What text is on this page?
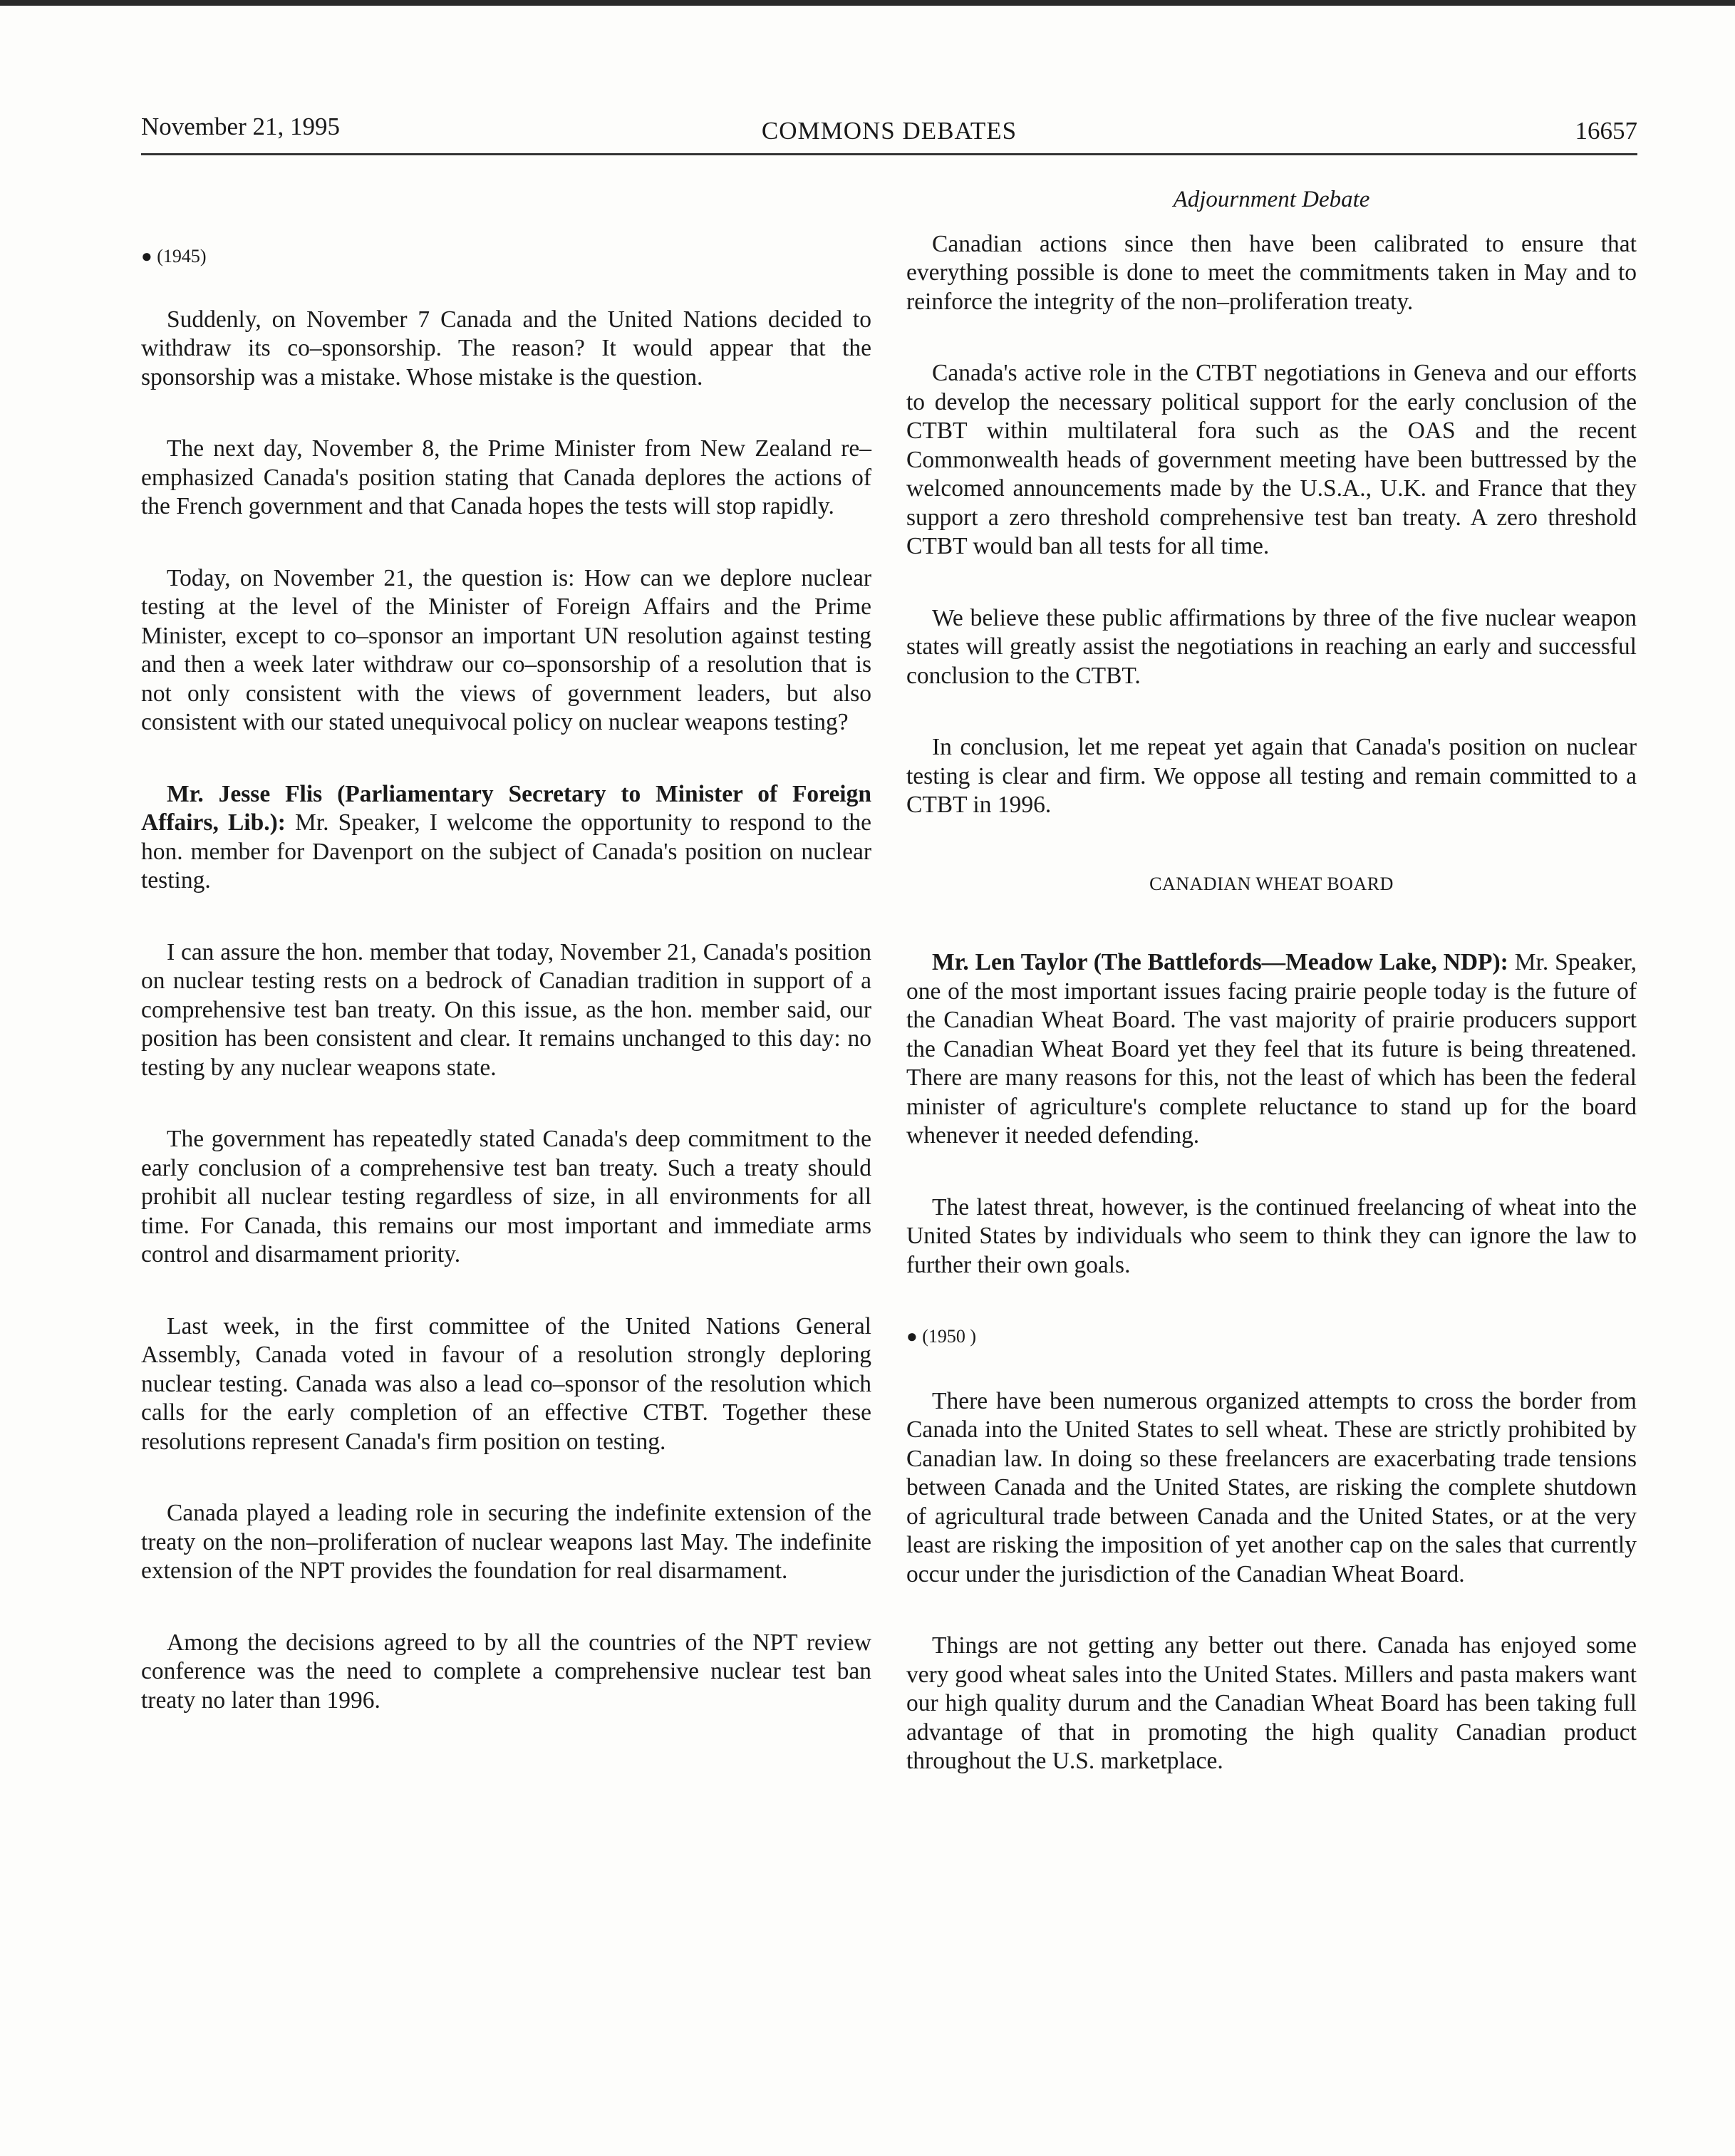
November 21, 1995	COMMONS DEBATES	16657

● (1945)

Suddenly, on November 7 Canada and the United Nations decided to withdraw its co–sponsorship. The reason? It would appear that the sponsorship was a mistake. Whose mistake is the question.

The next day, November 8, the Prime Minister from New Zealand re–emphasized Canada's position stating that Canada deplores the actions of the French government and that Canada hopes the tests will stop rapidly.

Today, on November 21, the question is: How can we deplore nuclear testing at the level of the Minister of Foreign Affairs and the Prime Minister, except to co–sponsor an important UN resolution against testing and then a week later withdraw our co–sponsorship of a resolution that is not only consistent with the views of government leaders, but also consistent with our stated unequivocal policy on nuclear weapons testing?

Mr. Jesse Flis (Parliamentary Secretary to Minister of Foreign Affairs, Lib.): Mr. Speaker, I welcome the opportunity to respond to the hon. member for Davenport on the subject of Canada's position on nuclear testing.

I can assure the hon. member that today, November 21, Canada's position on nuclear testing rests on a bedrock of Canadian tradition in support of a comprehensive test ban treaty. On this issue, as the hon. member said, our position has been consistent and clear. It remains unchanged to this day: no testing by any nuclear weapons state.

The government has repeatedly stated Canada's deep commitment to the early conclusion of a comprehensive test ban treaty. Such a treaty should prohibit all nuclear testing regardless of size, in all environments for all time. For Canada, this remains our most important and immediate arms control and disarmament priority.

Last week, in the first committee of the United Nations General Assembly, Canada voted in favour of a resolution strongly deploring nuclear testing. Canada was also a lead co–sponsor of the resolution which calls for the early completion of an effective CTBT. Together these resolutions represent Canada's firm position on testing.

Canada played a leading role in securing the indefinite extension of the treaty on the non–proliferation of nuclear weapons last May. The indefinite extension of the NPT provides the foundation for real disarmament.

Among the decisions agreed to by all the countries of the NPT review conference was the need to complete a comprehensive nuclear test ban treaty no later than 1996.

Adjournment Debate

Canadian actions since then have been calibrated to ensure that everything possible is done to meet the commitments taken in May and to reinforce the integrity of the non–proliferation treaty.

Canada's active role in the CTBT negotiations in Geneva and our efforts to develop the necessary political support for the early conclusion of the CTBT within multilateral fora such as the OAS and the recent Commonwealth heads of government meeting have been buttressed by the welcomed announcements made by the U.S.A., U.K. and France that they support a zero threshold comprehensive test ban treaty. A zero threshold CTBT would ban all tests for all time.

We believe these public affirmations by three of the five nuclear weapon states will greatly assist the negotiations in reaching an early and successful conclusion to the CTBT.

In conclusion, let me repeat yet again that Canada's position on nuclear testing is clear and firm. We oppose all testing and remain committed to a CTBT in 1996.

CANADIAN WHEAT BOARD

Mr. Len Taylor (The Battlefords—Meadow Lake, NDP): Mr. Speaker, one of the most important issues facing prairie people today is the future of the Canadian Wheat Board. The vast majority of prairie producers support the Canadian Wheat Board yet they feel that its future is being threatened. There are many reasons for this, not the least of which has been the federal minister of agriculture's complete reluctance to stand up for the board whenever it needed defending.

The latest threat, however, is the continued freelancing of wheat into the United States by individuals who seem to think they can ignore the law to further their own goals.

● (1950 )

There have been numerous organized attempts to cross the border from Canada into the United States to sell wheat. These are strictly prohibited by Canadian law. In doing so these freelancers are exacerbating trade tensions between Canada and the United States, are risking the complete shutdown of agricultural trade between Canada and the United States, or at the very least are risking the imposition of yet another cap on the sales that currently occur under the jurisdiction of the Canadian Wheat Board.

Things are not getting any better out there. Canada has enjoyed some very good wheat sales into the United States. Millers and pasta makers want our high quality durum and the Canadian Wheat Board has been taking full advantage of that in promoting the high quality Canadian product throughout the U.S. marketplace.
